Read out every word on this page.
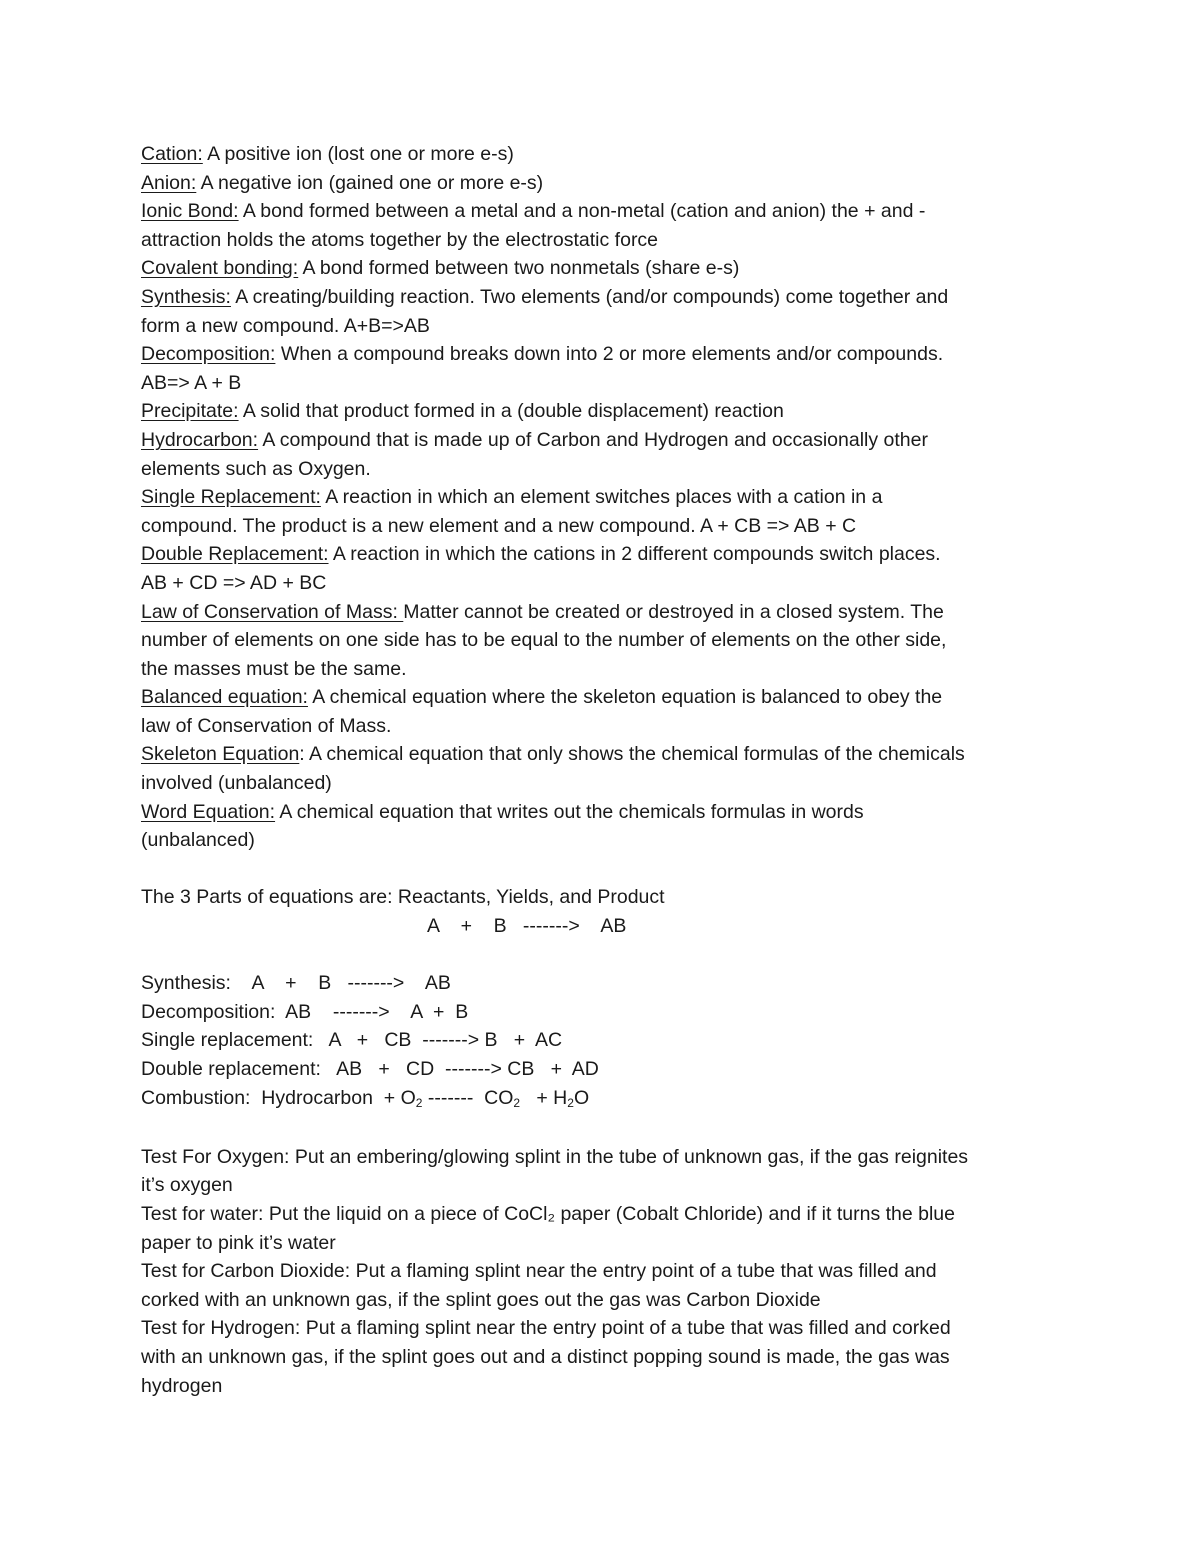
Cation: A positive ion (lost one or more e-s)

Anion: A negative ion (gained one or more e-s)

Ionic Bond: A bond formed between a metal and a non-metal (cation and anion) the + and -

attraction holds the atoms together by the electrostatic force

Covalent bonding: A bond formed between two nonmetals (share e-s)

Synthesis: A creating/building reaction. Two elements (and/or compounds) come together and

form a new compound. A+B=>AB

Decomposition: When a compound breaks down into 2 or more elements and/or compounds.

AB=> A + B

Precipitate: A solid that product formed in a (double displacement) reaction

Hydrocarbon: A compound that is made up of Carbon and Hydrogen and occasionally other

elements such as Oxygen.

Single Replacement: A reaction in which an element switches places with a cation in a

compound. The product is a new element and a new compound. A + CB => AB + C

Double Replacement: A reaction in which the cations in 2 different compounds switch places.

AB + CD => AD + BC

Law of Conservation of Mass: Matter cannot be created or destroyed in a closed system. The

number of elements on one side has to be equal to the number of elements on the other side,

the masses must be the same.

Balanced equation: A chemical equation where the skeleton equation is balanced to obey the

law of Conservation of Mass.

Skeleton Equation: A chemical equation that only shows the chemical formulas of the chemicals

involved (unbalanced)

Word Equation: A chemical equation that writes out the chemicals formulas in words

(unbalanced)

The 3 Parts of equations are: Reactants, Yields, and Product

A    +    B   ------->    AB

Synthesis:    A    +    B   ------->    AB

Decomposition:  AB    ------->    A  +  B

Single replacement:   A   +   CB  -------> B   +  AC

Double replacement:   AB   +   CD  -------> CB   +  AD

Combustion:  Hydrocarbon  + O2 -------  CO2   + H2O

Test For Oxygen: Put an embering/glowing splint in the tube of unknown gas, if the gas reignites

it’s oxygen

Test for water: Put the liquid on a piece of CoCl₂ paper (Cobalt Chloride) and if it turns the blue

paper to pink it’s water

Test for Carbon Dioxide: Put a flaming splint near the entry point of a tube that was filled and

corked with an unknown gas, if the splint goes out the gas was Carbon Dioxide

Test for Hydrogen: Put a flaming splint near the entry point of a tube that was filled and corked

with an unknown gas, if the splint goes out and a distinct popping sound is made, the gas was

hydrogen
